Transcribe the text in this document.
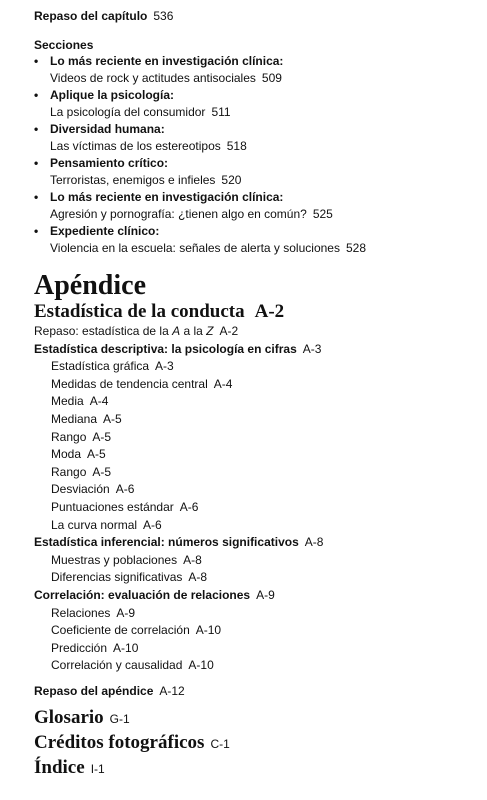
Repaso del capítulo 536
Secciones
• Lo más reciente en investigación clínica:
Videos de rock y actitudes antisociales 509
• Aplique la psicología:
La psicología del consumidor 511
• Diversidad humana:
Las víctimas de los estereotipos 518
• Pensamiento crítico:
Terroristas, enemigos e infieles 520
• Lo más reciente en investigación clínica:
Agresión y pornografía: ¿tienen algo en común? 525
• Expediente clínico:
Violencia en la escuela: señales de alerta y soluciones 528
Apéndice
Estadística de la conducta A-2
Repaso: estadística de la A a la Z A-2
Estadística descriptiva: la psicología en cifras A-3
Estadística gráfica A-3
Medidas de tendencia central A-4
Media A-4
Mediana A-5
Rango A-5
Moda A-5
Rango A-5
Desviación A-6
Puntuaciones estándar A-6
La curva normal A-6
Estadística inferencial: números significativos A-8
Muestras y poblaciones A-8
Diferencias significativas A-8
Correlación: evaluación de relaciones A-9
Relaciones A-9
Coeficiente de correlación A-10
Predicción A-10
Correlación y causalidad A-10
Repaso del apéndice A-12
Glosario G-1
Créditos fotográficos C-1
Índice I-1
